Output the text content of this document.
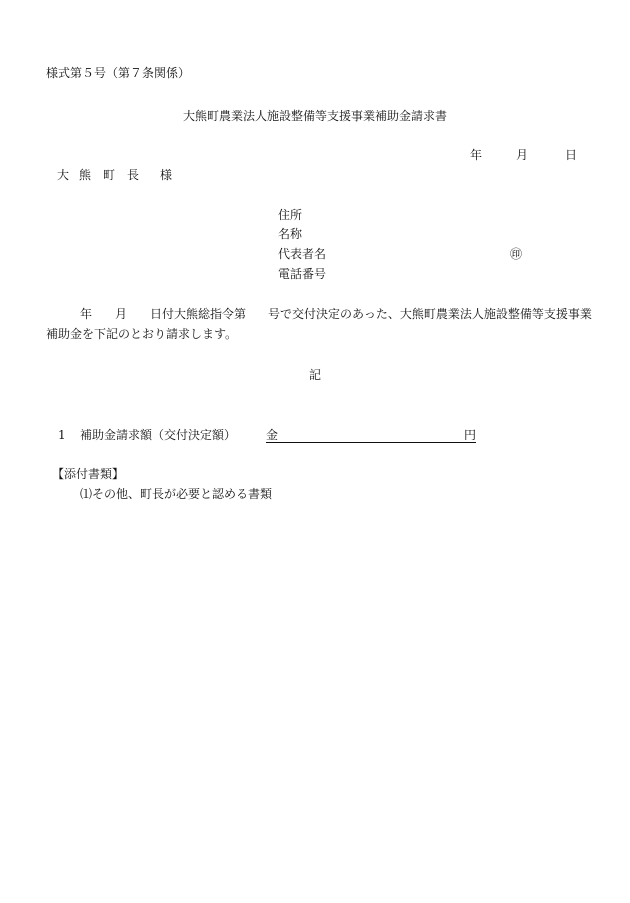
様式第５号（第７条関係）
大熊町農業法人施設整備等支援事業補助金請求書
年	月	日
大 熊 町 長 様
住所
名称
代表者名	㊞
電話番号
年 月 日付大熊総指令第 号で交付決定のあった、大熊町農業法人施設整備等支援事業
補助金を下記のとおり請求します。
記
1 補助金請求額（交付決定額） 金	円
【添付書類】
⑴その他、町長が必要と認める書類
